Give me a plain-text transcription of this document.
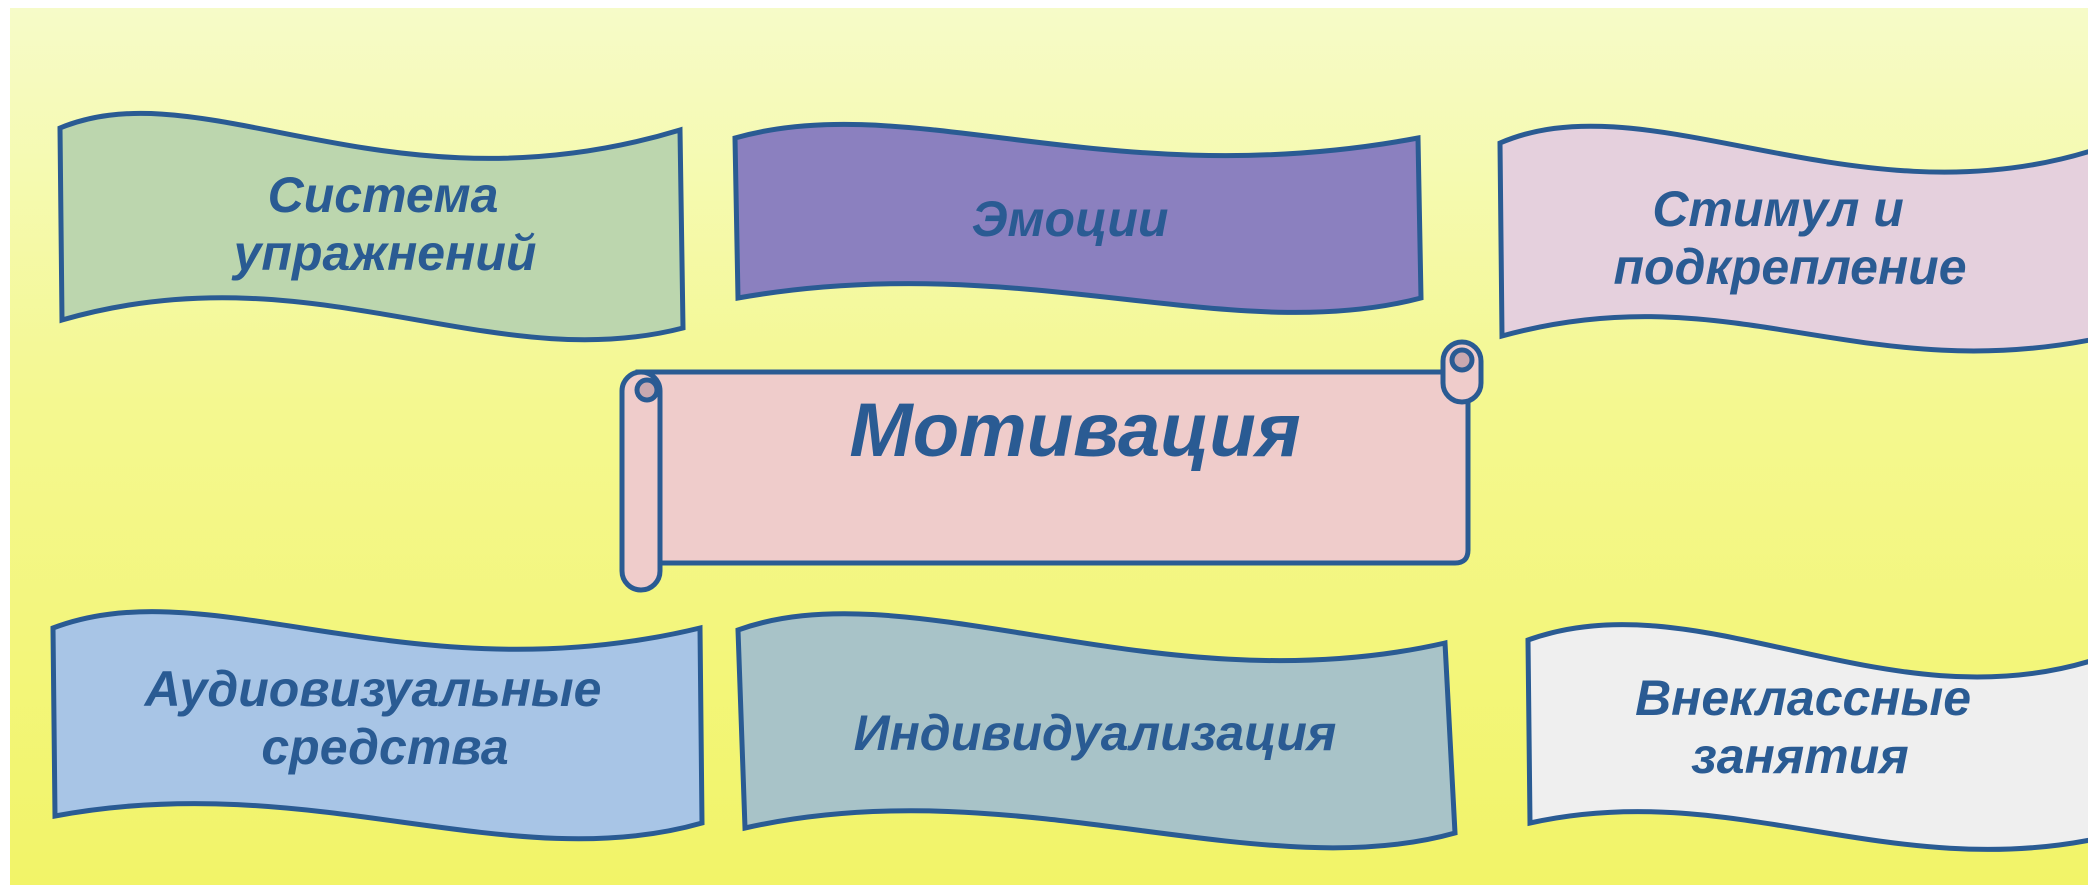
Система упражнений
Эмоции	Стимул и подкрепление
Мотивация
Аудиовизуальные средства	Индивидуализация
Внеклассные занятия
